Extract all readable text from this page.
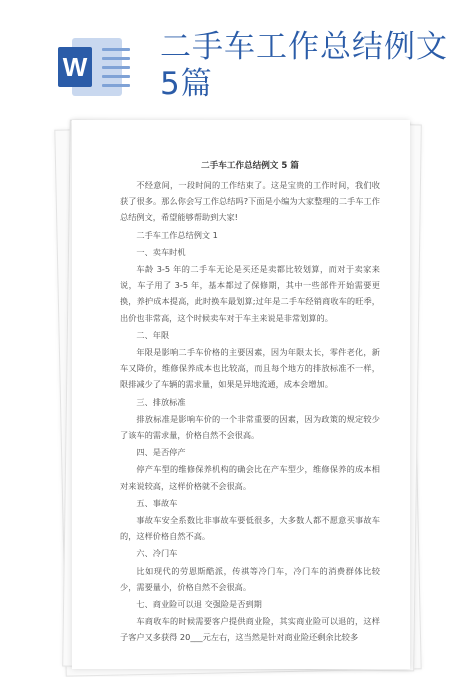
W
二手车工作总结例文5篇
二手车工作总结例文 5 篇

不经意间，一段时间的工作结束了。这是宝贵的工作时间，我们收获了很多。那么你会写工作总结吗?下面是小编为大家整理的二手车工作总结例文，希望能够帮助到大家!

二手车工作总结例文 1

一、卖车时机

车龄 3-5 年的二手车无论是买还是卖都比较划算，而对于卖家来说，车子用了 3-5 年，基本都过了保修期，其中一些部件开始需要更换，养护成本提高，此时换车最划算;过年是二手车经销商收车的旺季，出价也非常高，这个时候卖车对于车主来说是非常划算的。

二、年限

年限是影响二手车价格的主要因素，因为年限太长，零件老化，新车又降价，维修保养成本也比较高，而且每个地方的排放标准不一样，限排减少了车辆的需求量，如果是异地流通，成本会增加。

三、排放标准

排放标准是影响车价的一个非常重要的因素，因为政策的规定较少了该车的需求量，价格自然不会很高。

四、是否停产

停产车型的维修保养机构的确会比在产车型少，维修保养的成本相对来说较高，这样价格就不会很高。

五、事故车

事故车安全系数比非事故车要低很多，大多数人都不愿意买事故车的，这样价格自然不高。

六、冷门车

比如现代的劳恩斯酷派，传祺等冷门车，冷门车的消费群体比较少，需要量小，价格自然不会很高。

七、商业险可以退 交强险是否到期

车商收车的时候需要客户提供商业险，其实商业险可以退的，这样子客户又多获得 20___元左右，这当然是针对商业险还剩余比较多
